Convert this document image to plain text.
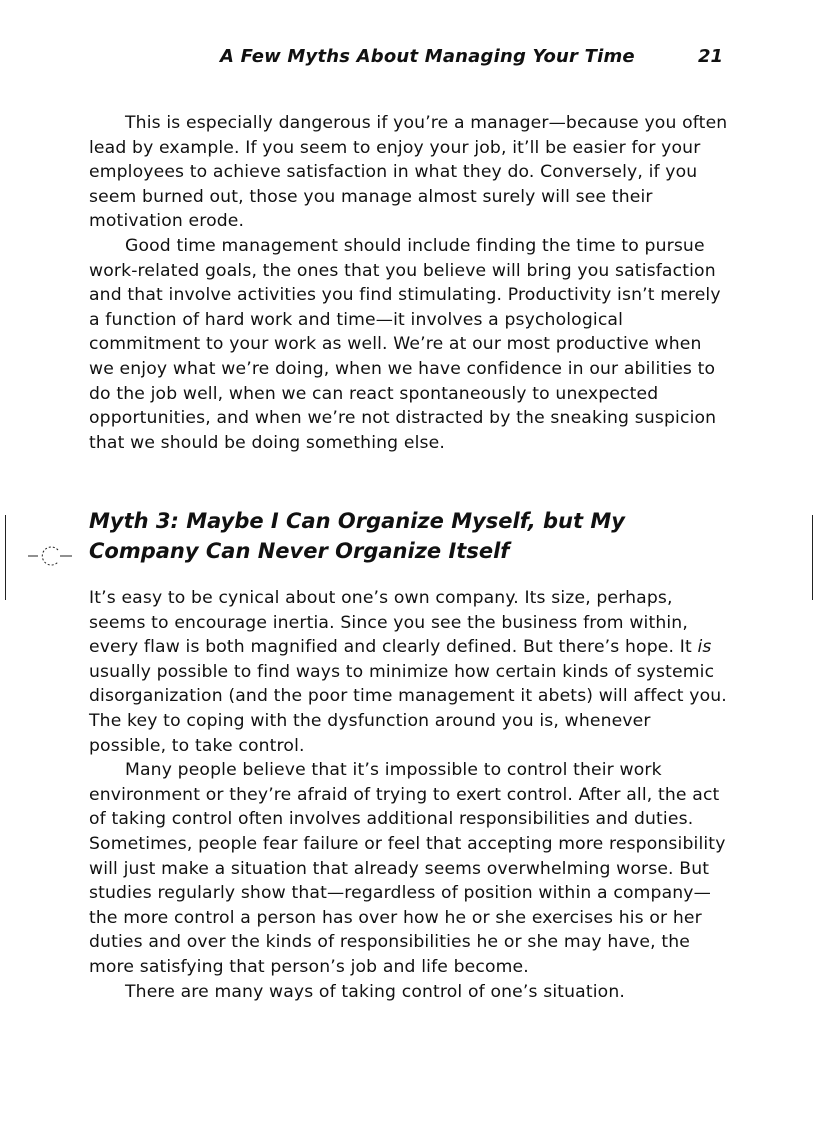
A Few Myths About Managing Your Time	21

This is especially dangerous if you’re a manager—because you often lead by example. If you seem to enjoy your job, it’ll be easier for your employees to achieve satisfaction in what they do. Conversely, if you seem burned out, those you manage almost surely will see their motivation erode.

Good time management should include finding the time to pursue work-related goals, the ones that you believe will bring you satisfaction and that involve activities you find stimulating. Productivity isn’t merely a function of hard work and time—it involves a psychological commitment to your work as well. We’re at our most productive when we enjoy what we’re doing, when we have confidence in our abilities to do the job well, when we can react spontaneously to unexpected opportunities, and when we’re not distracted by the sneaking suspicion that we should be doing something else.

Myth 3: Maybe I Can Organize Myself, but My
Company Can Never Organize Itself

It’s easy to be cynical about one’s own company. Its size, perhaps, seems to encourage inertia. Since you see the business from within, every flaw is both magnified and clearly defined. But there’s hope. It is usually possible to find ways to minimize how certain kinds of systemic disorganization (and the poor time management it abets) will affect you. The key to coping with the dysfunction around you is, whenever possible, to take control.

Many people believe that it’s impossible to control their work environment or they’re afraid of trying to exert control. After all, the act of taking control often involves additional responsibilities and duties. Sometimes, people fear failure or feel that accepting more responsibility will just make a situation that already seems overwhelming worse. But studies regularly show that—regardless of position within a company—the more control a person has over how he or she exercises his or her duties and over the kinds of responsibilities he or she may have, the more satisfying that person’s job and life become.

There are many ways of taking control of one’s situation.
